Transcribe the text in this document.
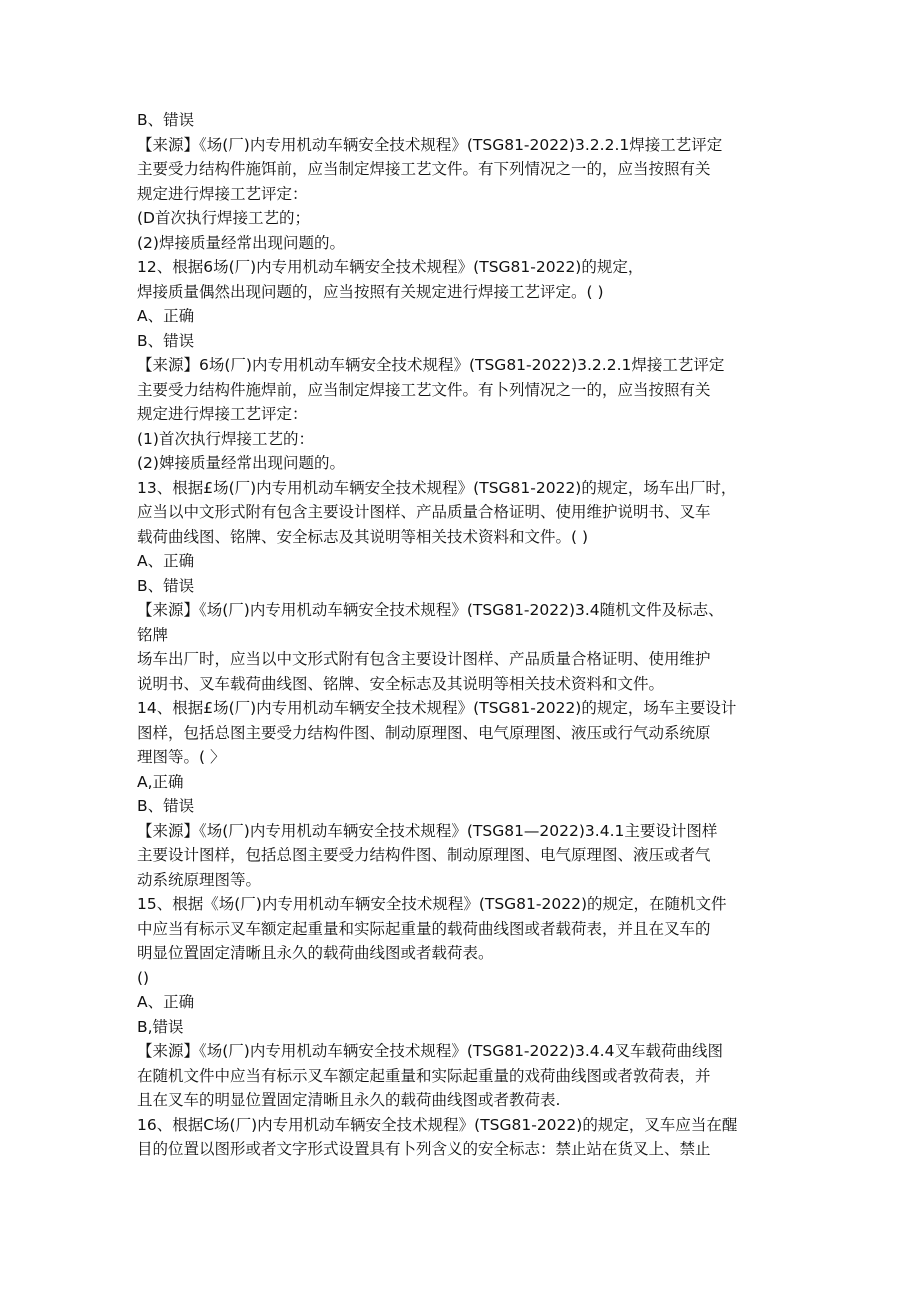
B、错误
【来源】《场(厂)内专用机动车辆安全技术规程》(TSG81-2022)3.2.2.1焊接工艺评定
主要受力结构件施饵前，应当制定焊接工艺文件。有下列情况之一的，应当按照有关
规定进行焊接工艺评定：
(D首次执行焊接工艺的；
(2)焊接质量经常出现问题的。
12、根据6场(厂)内专用机动车辆安全技术规程》(TSG81-2022)的规定，
焊接质量偶然出现问题的，应当按照有关规定进行焊接工艺评定。( )
A、正确
B、错误
【来源】6场(厂)内专用机动车辆安全技术规程》(TSG81-2022)3.2.2.1焊接工艺评定
主要受力结构件施焊前，应当制定焊接工艺文件。有卜列情况之一的，应当按照有关
规定进行焊接工艺评定：
(1)首次执行焊接工艺的：
(2)婢接质量经常出现问题的。
13、根据£场(厂)内专用机动车辆安全技术规程》(TSG81-2022)的规定，场车出厂时，
应当以中文形式附有包含主要设计图样、产品质量合格证明、使用维护说明书、叉车
载荷曲线图、铭牌、安全标志及其说明等相关技术资料和文件。( )
A、正确
B、错误
【来源】《场(厂)内专用机动车辆安全技术规程》(TSG81-2022)3.4随机文件及标志、
铭牌
场车出厂时，应当以中文形式附有包含主要设计图样、产品质量合格证明、使用维护
说明书、叉车载荷曲线图、铭牌、安全标志及其说明等相关技术资料和文件。
14、根据£场(厂)内专用机动车辆安全技术规程》(TSG81-2022)的规定，场车主要设计
图样，包括总图主要受力结构件图、制动原理图、电气原理图、液压或行气动系统原
理图等。( 〉
A,正确
B、错误
【来源】《场(厂)内专用机动车辆安全技术规程》(TSG81—2022)3.4.1主要设计图样
主要设计图样，包括总图主要受力结构件图、制动原理图、电气原理图、液压或者气
动系统原理图等。
15、根据《场(厂)内专用机动车辆安全技术规程》(TSG81-2022)的规定，在随机文件
中应当有标示叉车额定起重量和实际起重量的载荷曲线图或者载荷表，并且在叉车的
明显位置固定清晰且永久的载荷曲线图或者载荷表。
()
A、正确
B,错误
【来源】《场(厂)内专用机动车辆安全技术规程》(TSG81-2022)3.4.4叉车载荷曲线图
在随机文件中应当有标示叉车额定起重量和实际起重量的戏荷曲线图或者敦荷表，并
且在叉车的明显位置固定清晰且永久的载荷曲线图或者教荷表.
16、根据C场(厂)内专用机动车辆安全技术规程》(TSG81-2022)的规定，叉车应当在醒
目的位置以图形或者文字形式设置具有卜列含义的安全标志：禁止站在货叉上、禁止
